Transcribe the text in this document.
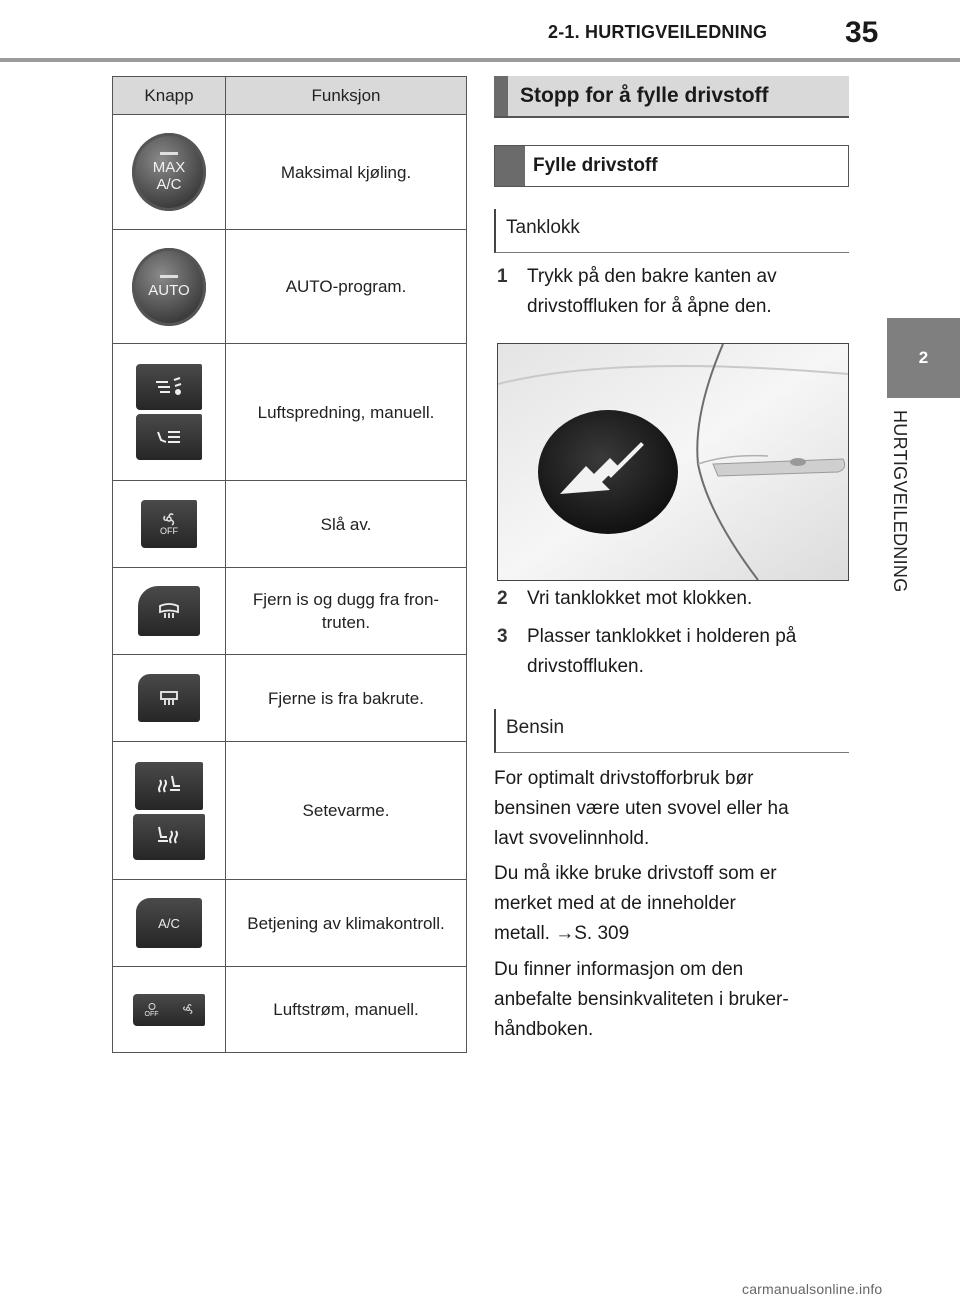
2-1. HURTIGVEILEDNING	35
2
HURTIGVEILEDNING
Knapp	Funksjon

MAX
A/C	Maksimal kjøling.

AUTO	AUTO-program.

	Luftspredning, manuell.

OFF	Slå av.

	Fjern is og dugg fra fron-
truten.

	Fjerne is fra bakrute.

	Setevarme.

A/C	Betjening av klimakontroll.

OFF	Luftstrøm, manuell.
Stopp for å fylle drivstoff
Fylle drivstoff
Tanklokk
1	Trykk på den bakre kanten av
drivstoffluken for å åpne den.
2	Vri tanklokket mot klokken.
3	Plasser tanklokket i holderen på
drivstoffluken.
Bensin
For optimalt drivstofforbruk bør
bensinen være uten svovel eller ha
lavt svovelinnhold.
Du må ikke bruke drivstoff som er
merket med at de inneholder
metall. →S. 309
Du finner informasjon om den
anbefalte bensinkvaliteten i bruker-
håndboken.
carmanualsonline.info
